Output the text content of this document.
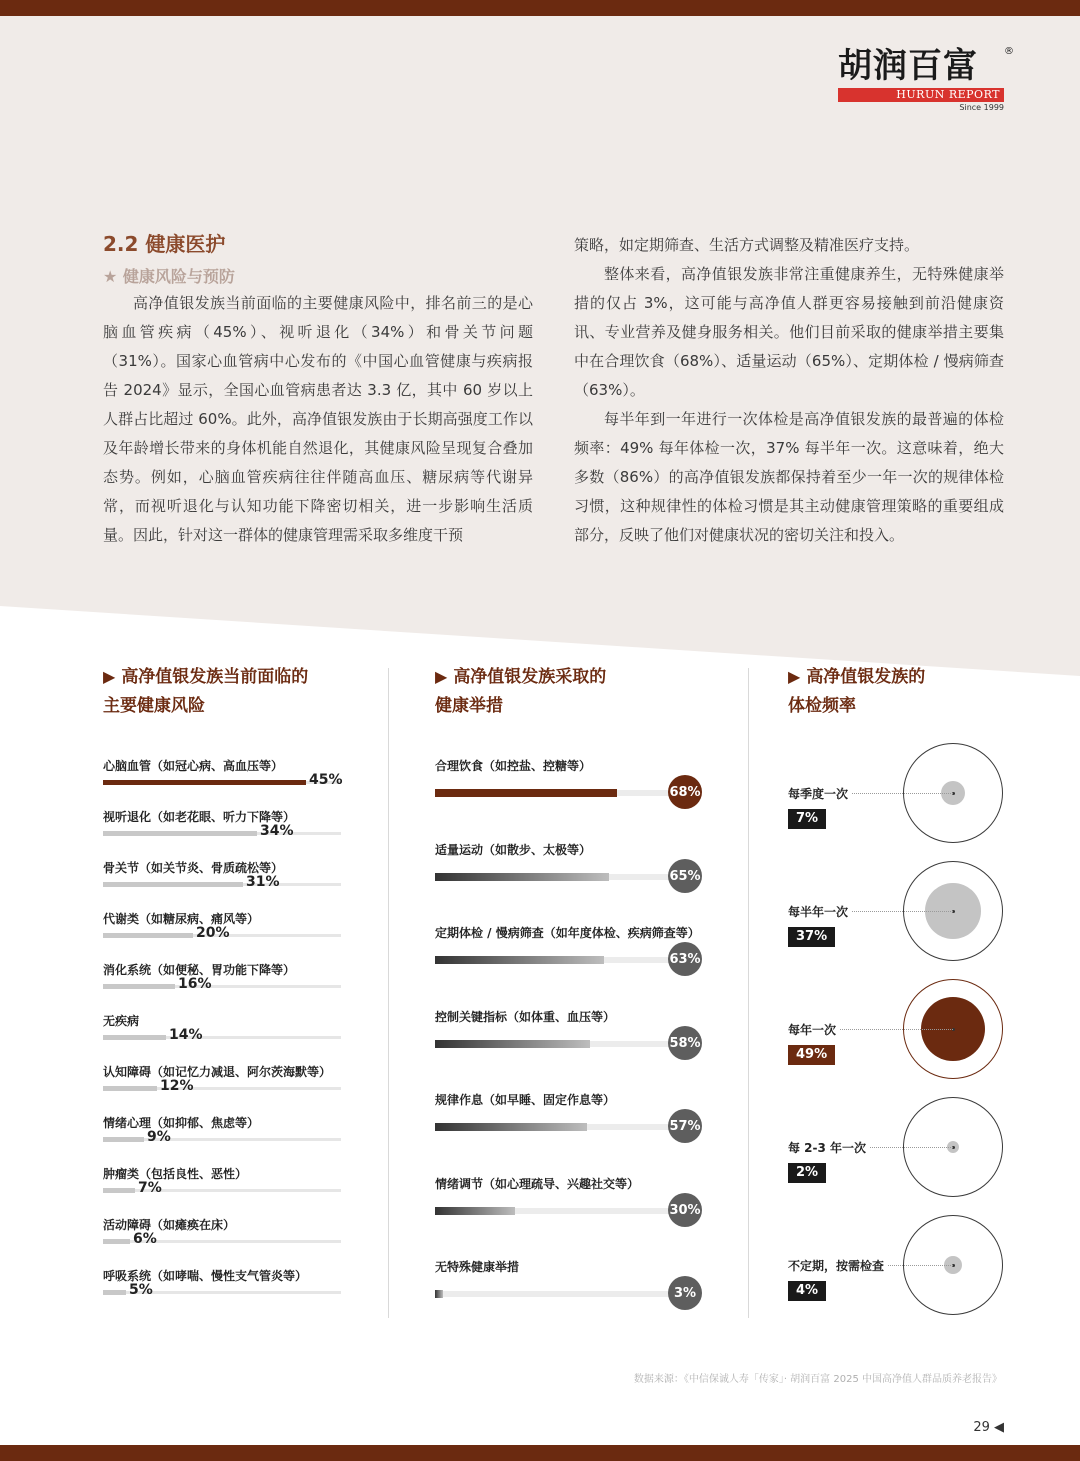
胡润百富	®
HURUN REPORT
Since 1999
2.2 健康医护
★ 健康风险与预防

高净值银发族当前面临的主要健康风险中，排名前三的是心脑血管疾病（45%）、视听退化（34%）和骨关节问题（31%）。国家心血管病中心发布的《中国心血管健康与疾病报告 2024》显示，全国心血管病患者达 3.3 亿，其中 60 岁以上人群占比超过 60%。此外，高净值银发族由于长期高强度工作以及年龄增长带来的身体机能自然退化，其健康风险呈现复合叠加态势。例如，心脑血管疾病往往伴随高血压、糖尿病等代谢异常，而视听退化与认知功能下降密切相关，进一步影响生活质量。因此，针对这一群体的健康管理需采取多维度干预

策略，如定期筛查、生活方式调整及精准医疗支持。

整体来看，高净值银发族非常注重健康养生，无特殊健康举措的仅占 3%，这可能与高净值人群更容易接触到前沿健康资讯、专业营养及健身服务相关。他们目前采取的健康举措主要集中在合理饮食（68%）、适量运动（65%）、定期体检 / 慢病筛查（63%）。

每半年到一年进行一次体检是高净值银发族的最普遍的体检频率：49% 每年体检一次，37% 每半年一次。这意味着，绝大多数（86%）的高净值银发族都保持着至少一年一次的规律体检习惯，这种规律性的体检习惯是其主动健康管理策略的重要组成部分，反映了他们对健康状况的密切关注和投入。

▶ 高净值银发族当前面临的
主要健康风险
▶ 高净值银发族采取的
健康举措
▶ 高净值银发族的
体检频率
心脑血管（如冠心病、高血压等）
45%
视听退化（如老花眼、听力下降等）
34%
骨关节（如关节炎、骨质疏松等）
31%
代谢类（如糖尿病、痛风等）
20%
消化系统（如便秘、胃功能下降等）
16%
无疾病
14%
认知障碍（如记忆力减退、阿尔茨海默等）
12%
情绪心理（如抑郁、焦虑等）
9%
肿瘤类（包括良性、恶性）
7%
活动障碍（如瘫痪在床）
6%
呼吸系统（如哮喘、慢性支气管炎等）
5%
合理饮食（如控盐、控糖等）
68%
适量运动（如散步、太极等）
65%
定期体检 / 慢病筛查（如年度体检、疾病筛查等）
63%
控制关键指标（如体重、血压等）
58%
规律作息（如早睡、固定作息等）
57%
情绪调节（如心理疏导、兴趣社交等）
30%
无特殊健康举措
3%
每季度一次
7%
每半年一次
37%
每年一次
49%
每 2-3 年一次
2%
不定期，按需检查
4%
数据来源：《中信保诚人寿「传家」· 胡润百富 2025 中国高净值人群品质养老报告》
29 ◀
